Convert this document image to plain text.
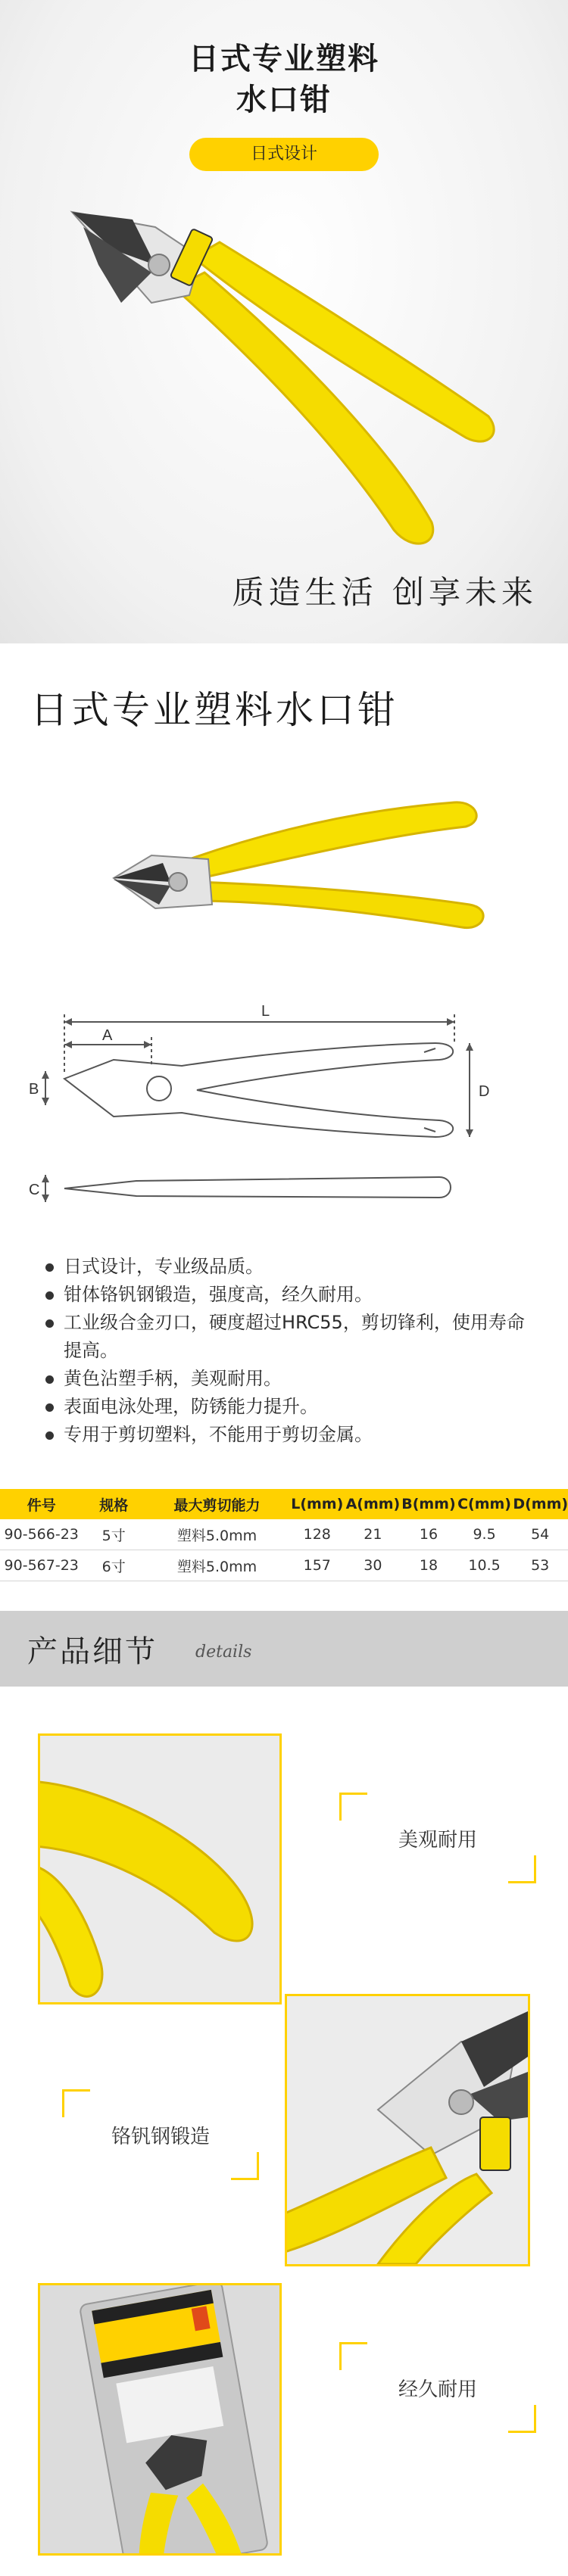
日式专业塑料
水口钳
日式设计
质造生活 创享未来
日式专业塑料水口钳
L
A
B	D
C
日式设计，专业级品质。
钳体铬钒钢锻造，强度高，经久耐用。
工业级合金刃口，硬度超过HRC55，剪切锋利，使用寿命提高。
黄色沾塑手柄，美观耐用。
表面电泳处理，防锈能力提升。
专用于剪切塑料，不能用于剪切金属。
件号	规格	最大剪切能力	L(mm)	A(mm)	B(mm)	C(mm)	D(mm)
90-566-23	5寸	塑料5.0mm	128	21	16	9.5	54
90-567-23	6寸	塑料5.0mm	157	30	18	10.5	53
产品细节 details
美观耐用
铬钒钢锻造
经久耐用
